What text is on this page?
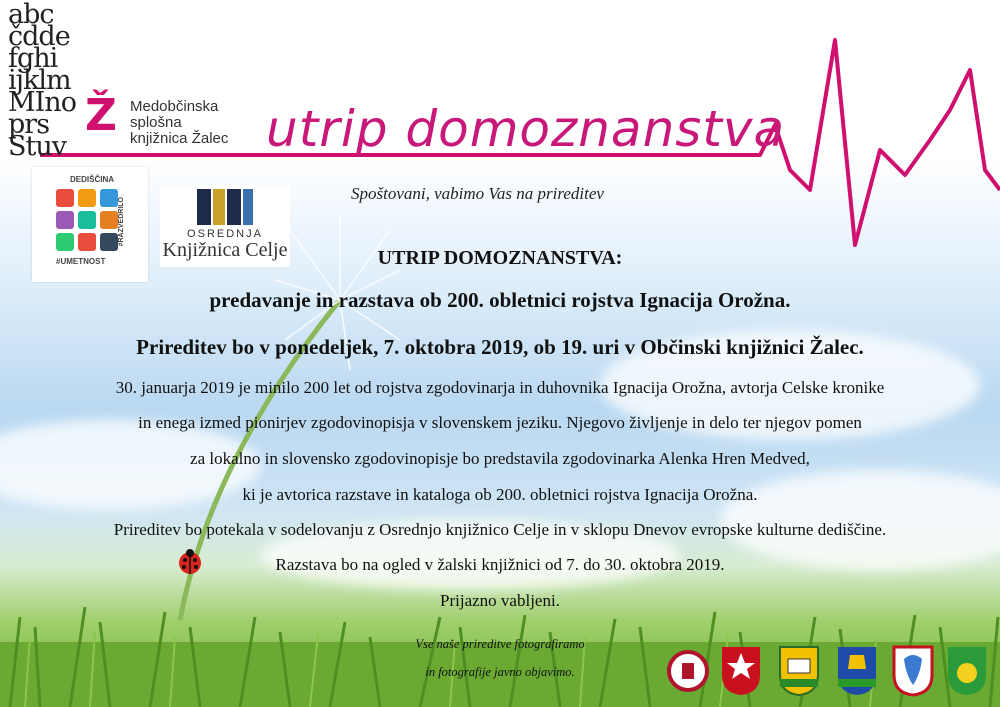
abc
čdde
fghi
ijklm
MIno
prs
Stuv
Ž Medobčinska
splošna
knjižnica Žalec utrip domoznanstva
DEDIŠČINA
#RAZVEDRILO
#UMETNOST
OSREDNJA
Knjižnica Celje
Spoštovani, vabimo Vas na prireditev
UTRIP DOMOZNANSTVA:
predavanje in razstava ob 200. obletnici rojstva Ignacija Orožna.
Prireditev bo v ponedeljek, 7. oktobra 2019, ob 19. uri v Občinski knjižnici Žalec.
30. januarja 2019 je minilo 200 let od rojstva zgodovinarja in duhovnika Ignacija Orožna, avtorja Celske kronike
in enega izmed pionirjev zgodovinopisja v slovenskem jeziku. Njegovo življenje in delo ter njegov pomen
za lokalno in slovensko zgodovinopisje bo predstavila zgodovinarka Alenka Hren Medved,
ki je avtorica razstave in kataloga ob 200. obletnici rojstva Ignacija Orožna.
Prireditev bo potekala v sodelovanju z Osrednjo knjižnico Celje in v sklopu Dnevov evropske kulturne dediščine.
Razstava bo na ogled v žalski knjižnici od 7. do 30. oktobra 2019.
Prijazno vabljeni.
Vse naše prireditve fotografiramo
in fotografije javno objavimo.
